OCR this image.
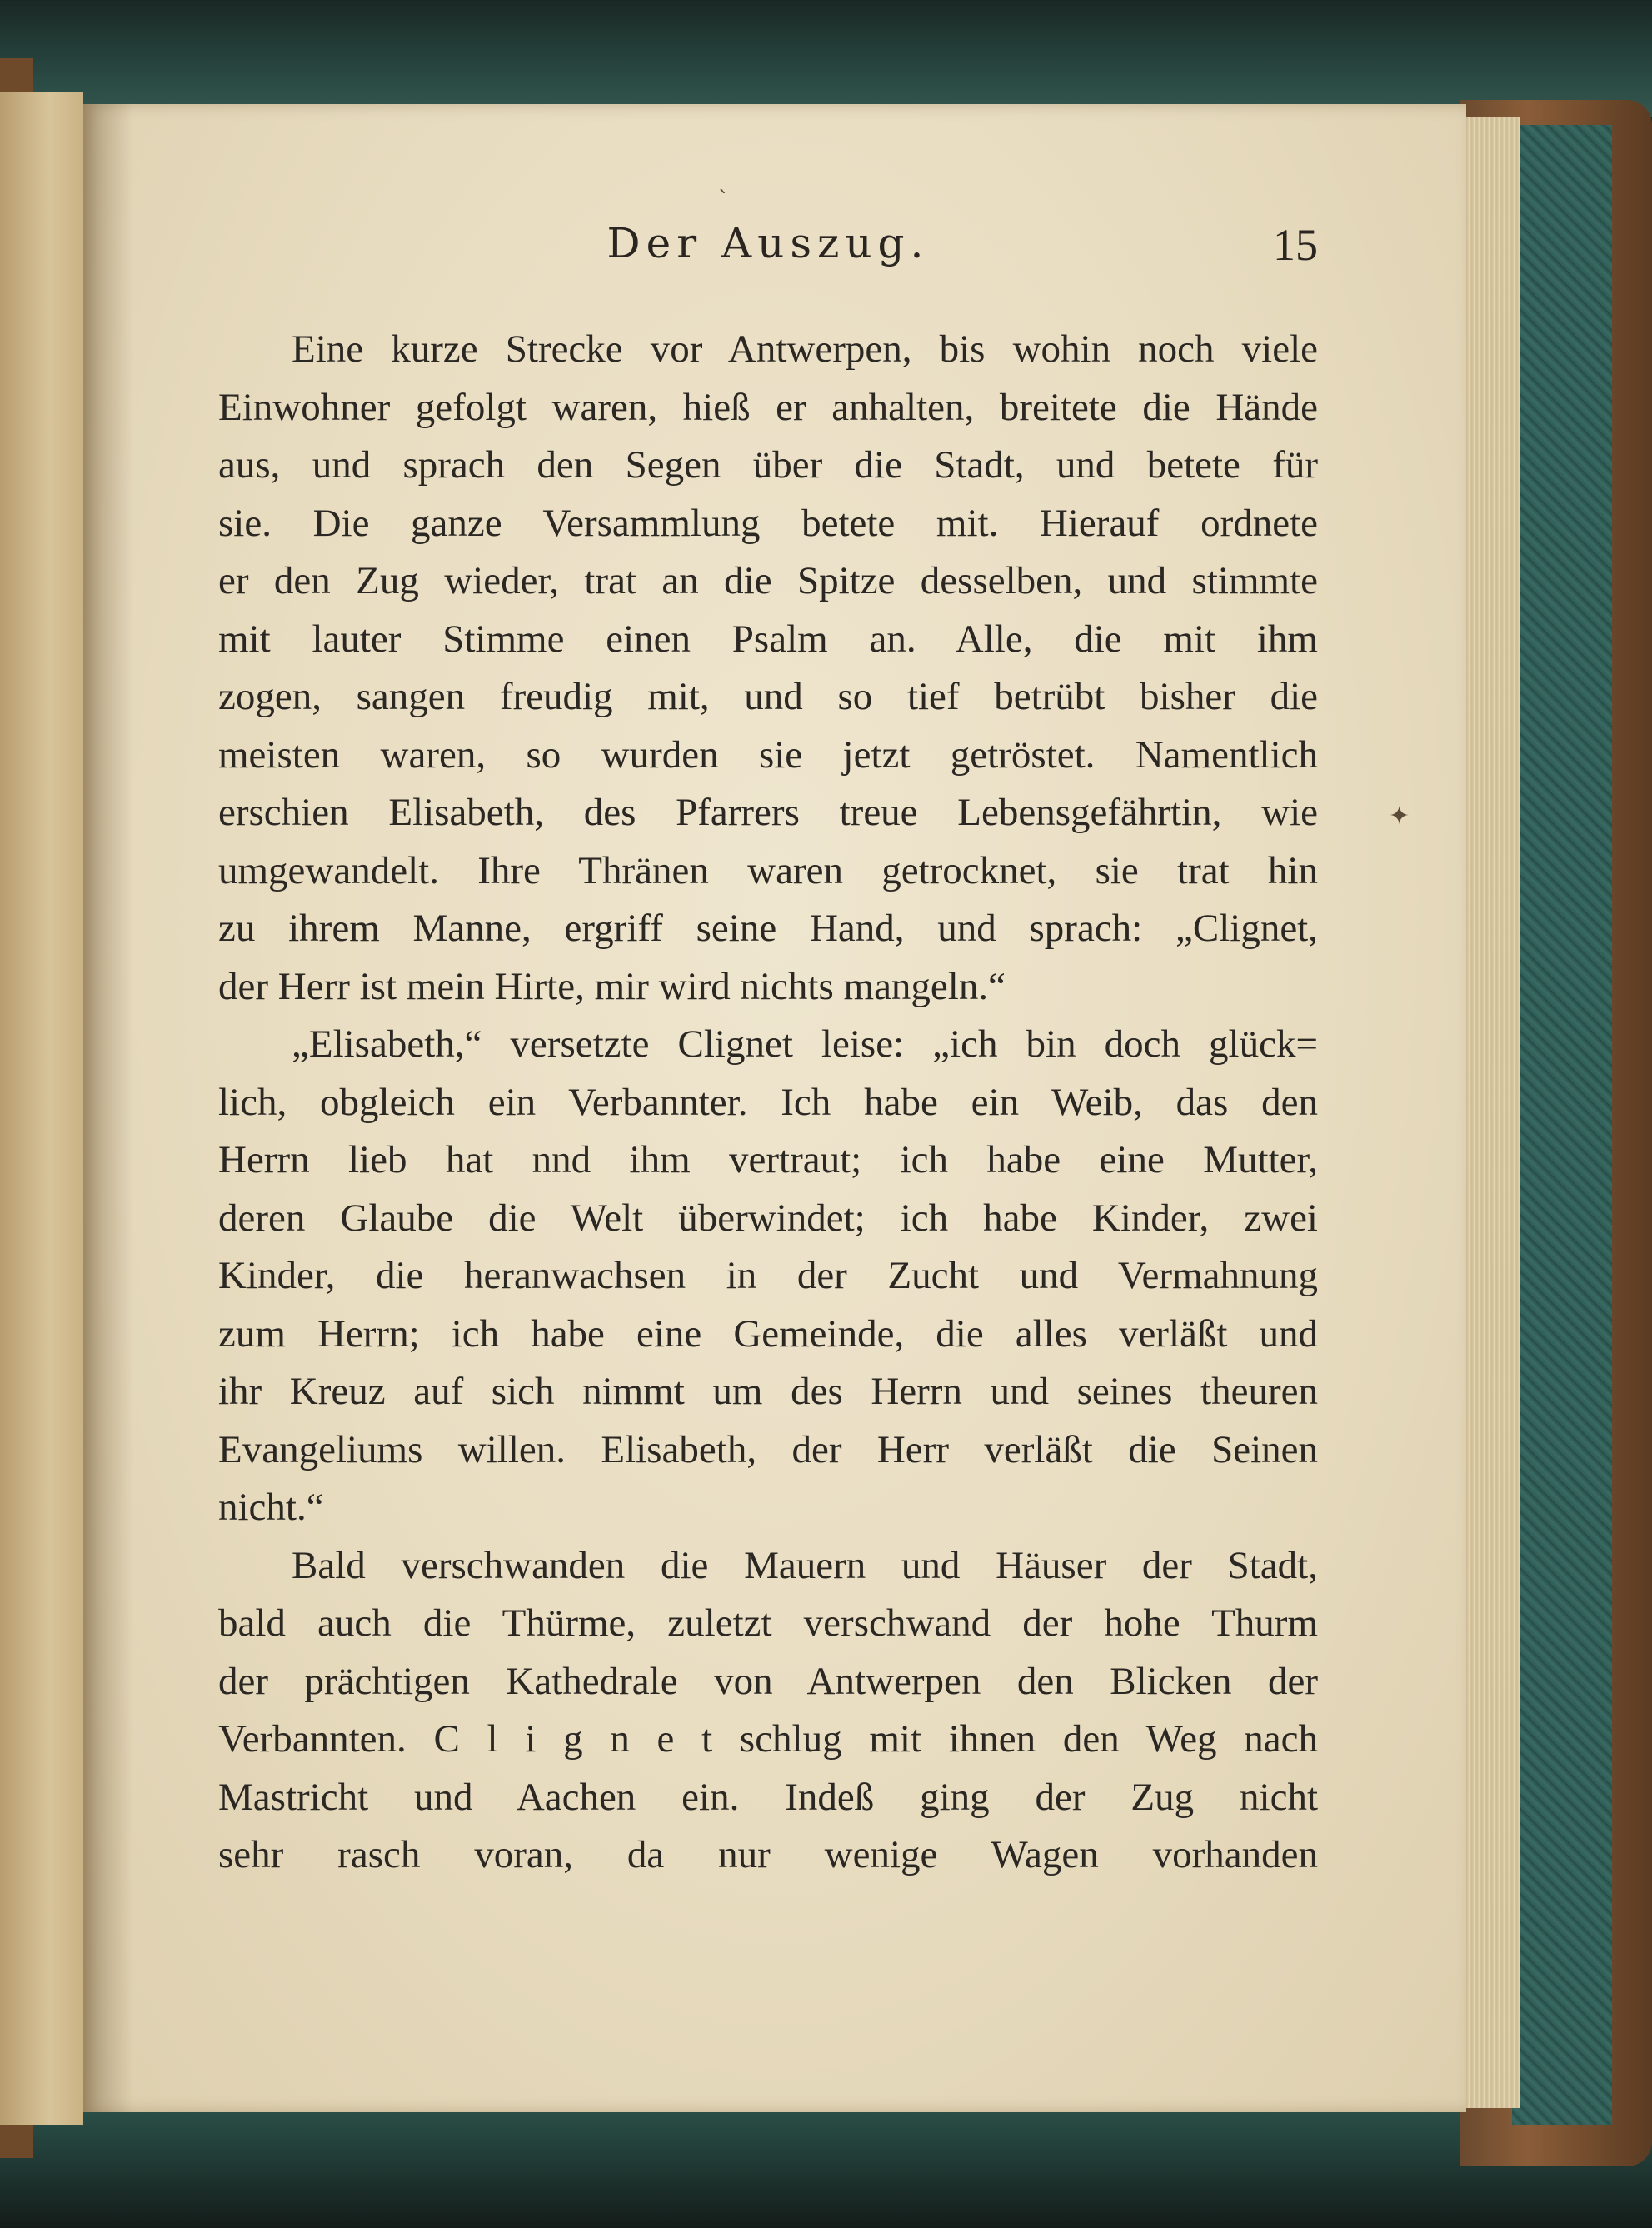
Der Auszug.	15
Eine kurze Strecke vor Antwerpen, bis wohin noch viele
Einwohner gefolgt waren, hieß er anhalten, breitete die Hände
aus, und sprach den Segen über die Stadt, und betete für
sie. Die ganze Versammlung betete mit. Hierauf ordnete
er den Zug wieder, trat an die Spitze desselben, und stimmte
mit lauter Stimme einen Psalm an. Alle, die mit ihm
zogen, sangen freudig mit, und so tief betrübt bisher die
meisten waren, so wurden sie jetzt getröstet. Namentlich
erschien Elisabeth, des Pfarrers treue Lebensgefährtin, wie
umgewandelt. Ihre Thränen waren getrocknet, sie trat hin
zu ihrem Manne, ergriff seine Hand, und sprach: „Clignet,
der Herr ist mein Hirte, mir wird nichts mangeln.“
„Elisabeth,“ versetzte Clignet leise: „ich bin doch glück=
lich, obgleich ein Verbannter. Ich habe ein Weib, das den
Herrn lieb hat nnd ihm vertraut; ich habe eine Mutter,
deren Glaube die Welt überwindet; ich habe Kinder, zwei
Kinder, die heranwachsen in der Zucht und Vermahnung
zum Herrn; ich habe eine Gemeinde, die alles verläßt und
ihr Kreuz auf sich nimmt um des Herrn und seines theuren
Evangeliums willen. Elisabeth, der Herr verläßt die Seinen
nicht.“
Bald verschwanden die Mauern und Häuser der Stadt,
bald auch die Thürme, zuletzt verschwand der hohe Thurm
der prächtigen Kathedrale von Antwerpen den Blicken der
Verbannten. C l i g n e t schlug mit ihnen den Weg nach
Mastricht und Aachen ein. Indeß ging der Zug nicht
sehr rasch voran, da nur wenige Wagen vorhanden
✦
ˋ
